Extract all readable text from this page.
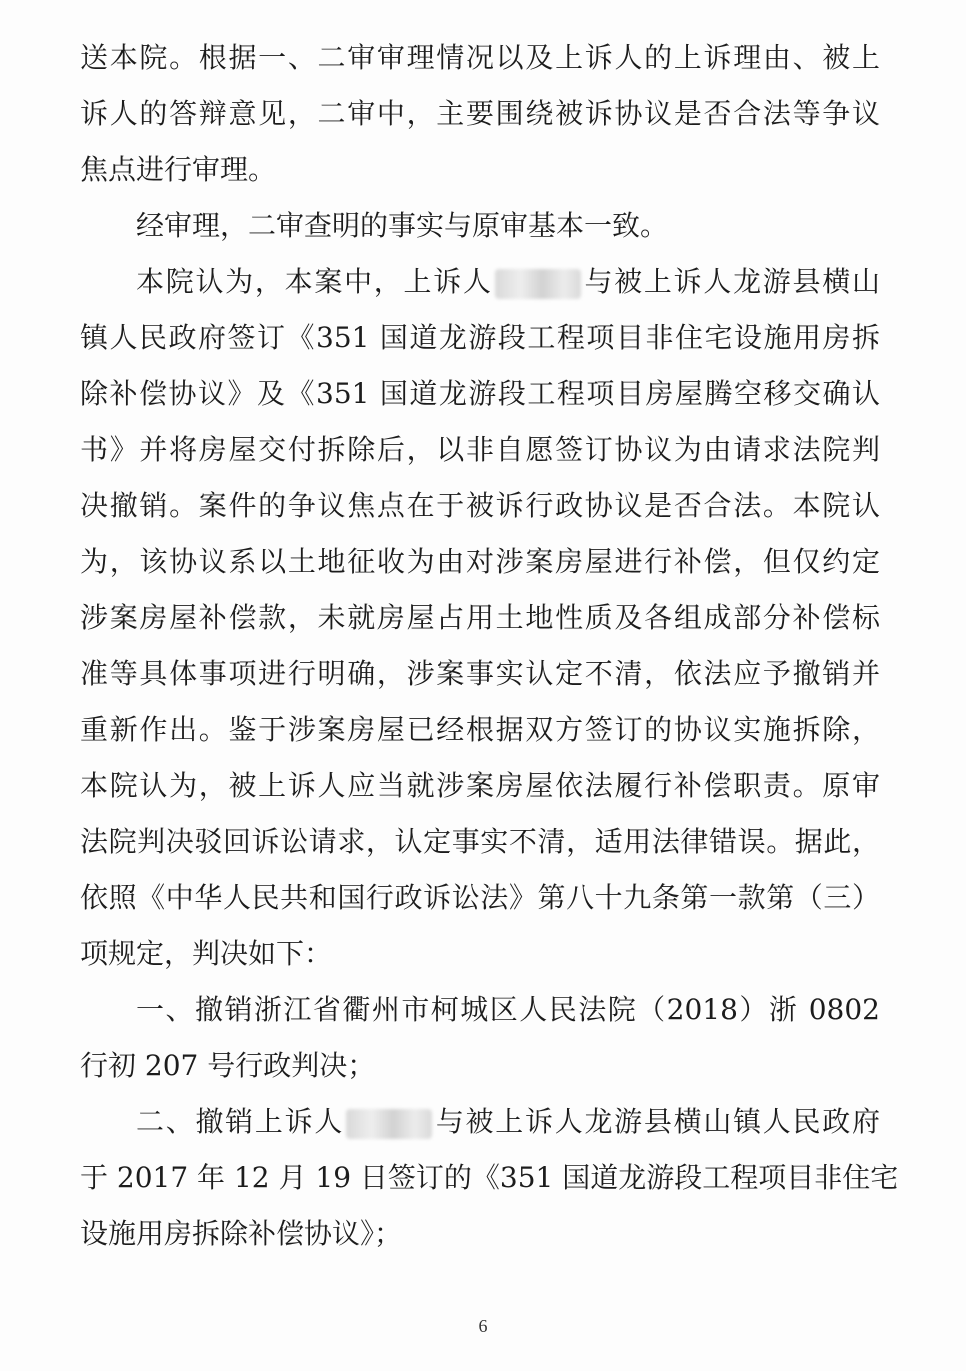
送本院。根据一、二审审理情况以及上诉人的上诉理由、被上
诉人的答辩意见，二审中，主要围绕被诉协议是否合法等争议
焦点进行审理。
经审理，二审查明的事实与原审基本一致。
本院认为，本案中，上诉人	与被上诉人龙游县横山
镇人民政府签订《351 国道龙游段工程项目非住宅设施用房拆
除补偿协议》及《351 国道龙游段工程项目房屋腾空移交确认
书》并将房屋交付拆除后，以非自愿签订协议为由请求法院判
决撤销。案件的争议焦点在于被诉行政协议是否合法。本院认
为，该协议系以土地征收为由对涉案房屋进行补偿，但仅约定
涉案房屋补偿款，未就房屋占用土地性质及各组成部分补偿标
准等具体事项进行明确，涉案事实认定不清，依法应予撤销并
重新作出。鉴于涉案房屋已经根据双方签订的协议实施拆除，
本院认为，被上诉人应当就涉案房屋依法履行补偿职责。原审
法院判决驳回诉讼请求，认定事实不清，适用法律错误。据此，
依照《中华人民共和国行政诉讼法》第八十九条第一款第（三）
项规定，判决如下：
一、撤销浙江省衢州市柯城区人民法院（2018）浙 0802
行初 207 号行政判决；
二、撤销上诉人	与被上诉人龙游县横山镇人民政府
于 2017 年 12 月 19 日签订的《351 国道龙游段工程项目非住宅
设施用房拆除补偿协议》；
6
